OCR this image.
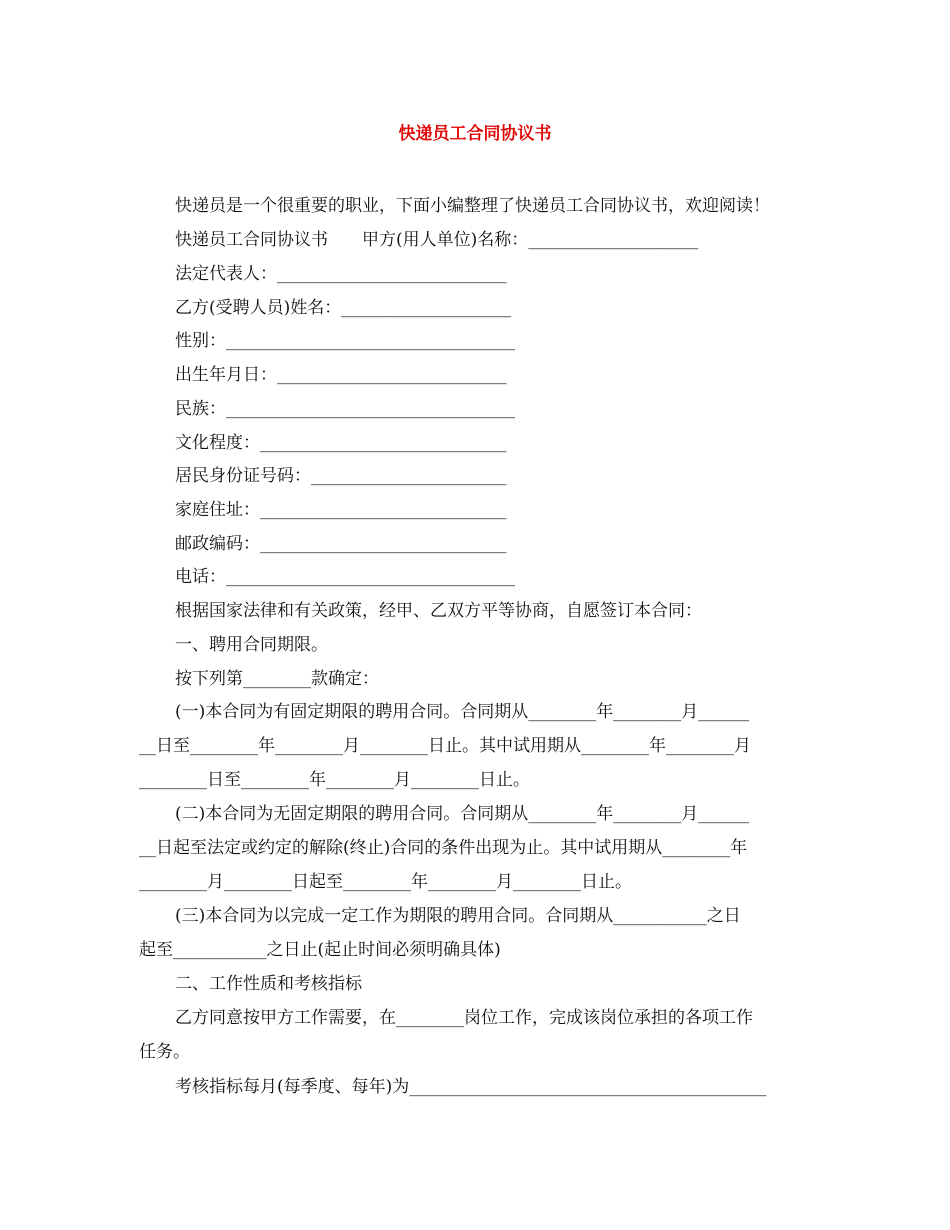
快递员工合同协议书
快递员是一个很重要的职业，下面小编整理了快递员工合同协议书，欢迎阅读！
快递员工合同协议书　　甲方(用人单位)名称：____________________
法定代表人：___________________________
乙方(受聘人员)姓名：____________________
性别：__________________________________
出生年月日：___________________________
民族：__________________________________
文化程度：_____________________________
居民身份证号码：_______________________
家庭住址：_____________________________
邮政编码：_____________________________
电话：__________________________________
根据国家法律和有关政策，经甲、乙双方平等协商，自愿签订本合同：
一、聘用合同期限。
按下列第________款确定：
(一)本合同为有固定期限的聘用合同。合同期从________年________月______
__日至________年________月________日止。其中试用期从________年________月
________日至________年________月________日止。
(二)本合同为无固定期限的聘用合同。合同期从________年________月______
__日起至法定或约定的解除(终止)合同的条件出现为止。其中试用期从________年
________月________日起至________年________月________日止。
(三)本合同为以完成一定工作为期限的聘用合同。合同期从___________之日
起至___________之日止(起止时间必须明确具体)
二、工作性质和考核指标
乙方同意按甲方工作需要，在________岗位工作，完成该岗位承担的各项工作
任务。
考核指标每月(每季度、每年)为__________________________________________
